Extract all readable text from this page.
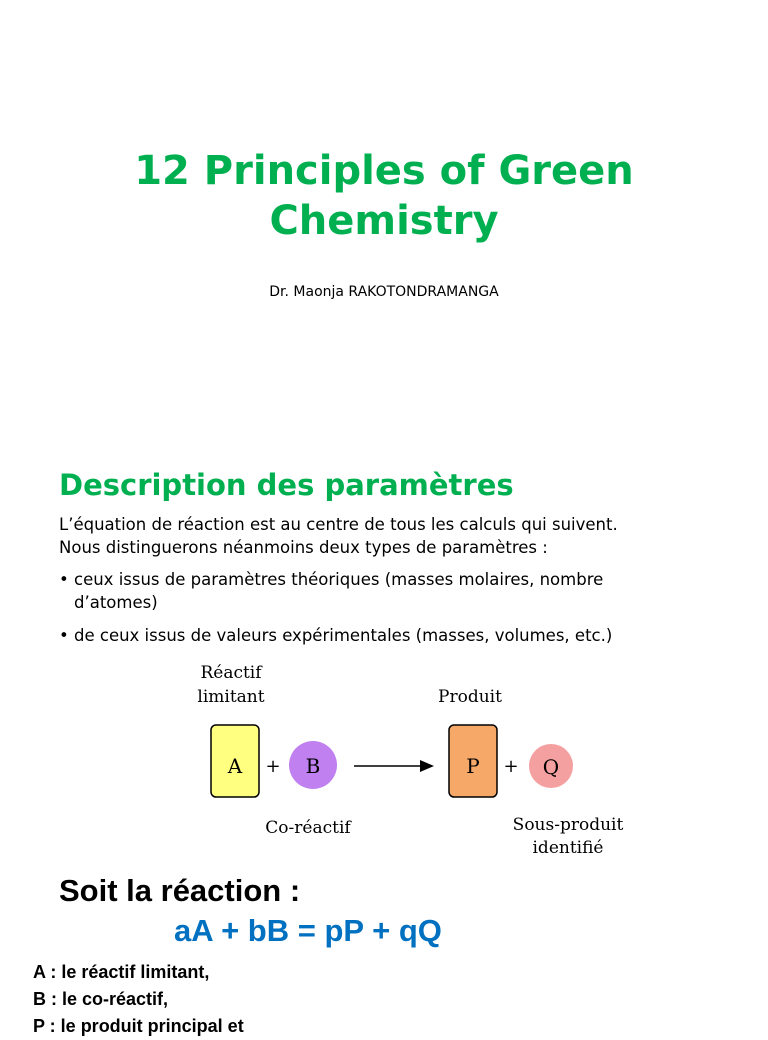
12 Principles of Green
Chemistry
Dr. Maonja RAKOTONDRAMANGA
Description des paramètres

L’équation de réaction est au centre de tous les calculs qui suivent.
Nous distinguerons néanmoins deux types de paramètres :

• ceux issus de paramètres théoriques (masses molaires, nombre
d’atomes)
• de ceux issus de valeurs expérimentales (masses, volumes, etc.)
Réactif
limitant	Produit
A + B	P + Q
Co-réactif	Sous-produit
identifié
Soit la réaction :
aA + bB = pP + qQ
A : le réactif limitant,
B : le co-réactif,
P : le produit principal et
